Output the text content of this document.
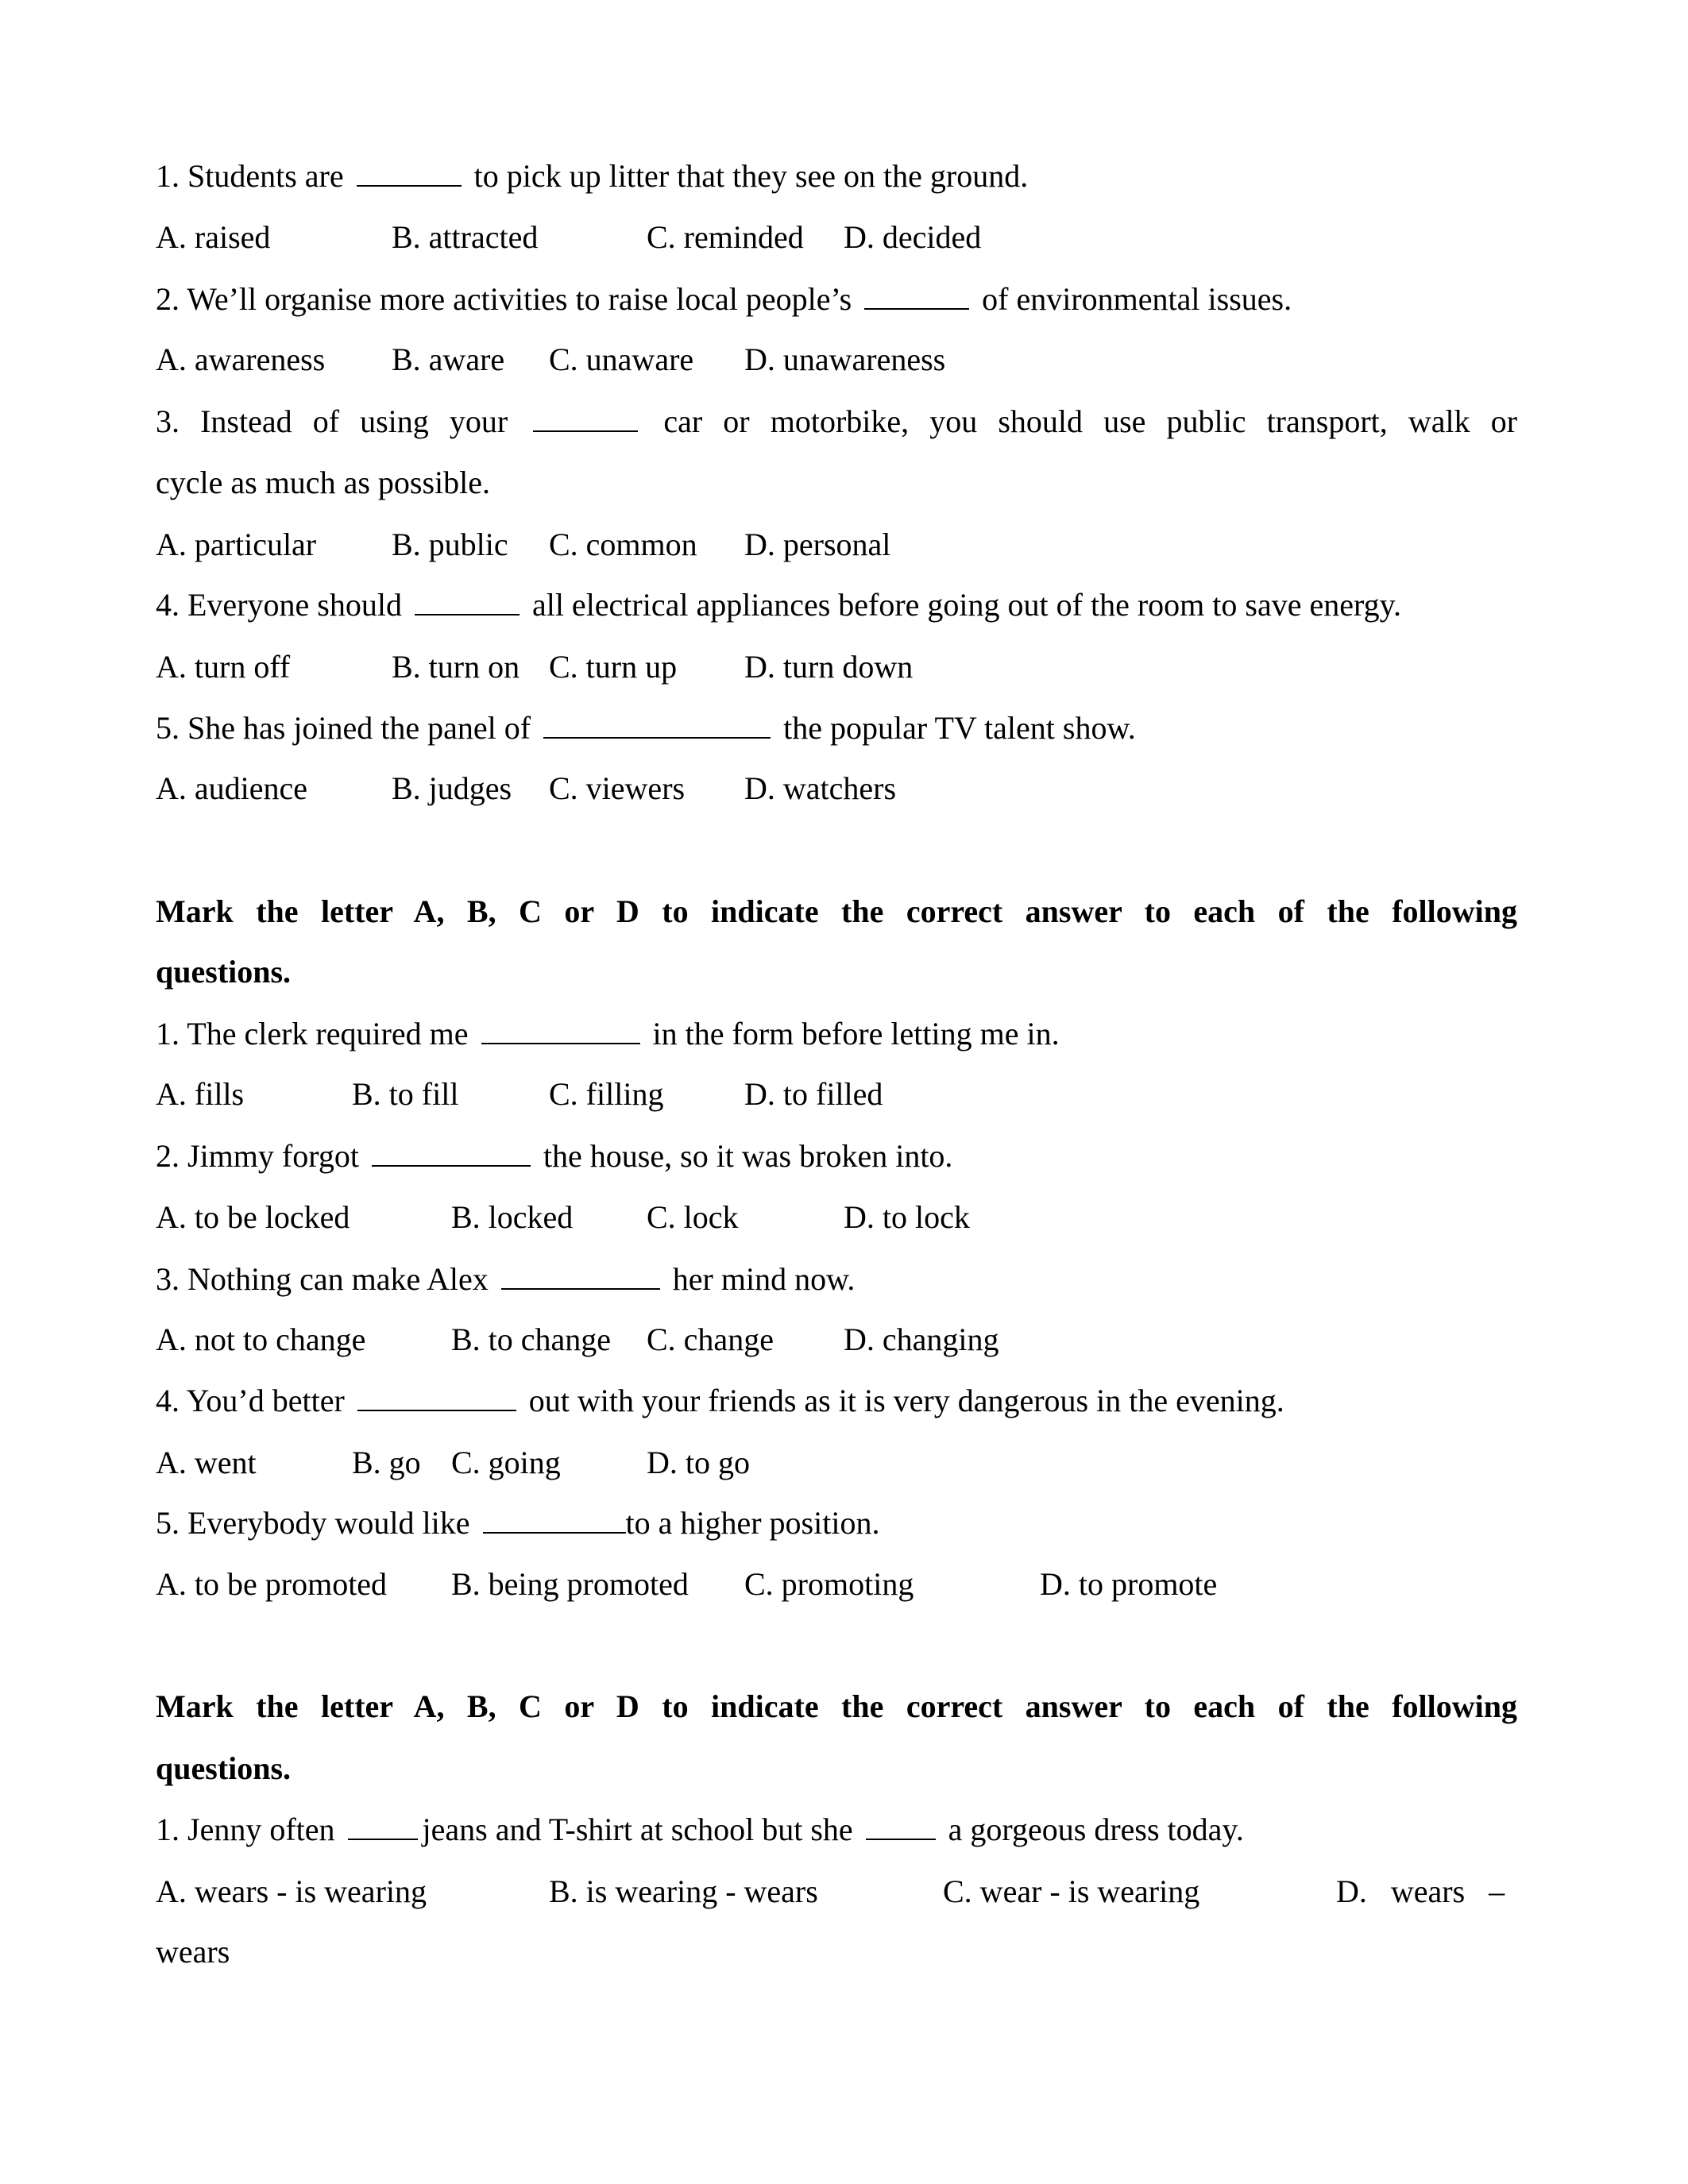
1. Students are	to pick up litter that they see on the ground.
A. raised	B. attracted	C. reminded D. decided
2. We’ll organise more activities to raise local people’s	of environmental issues.
A. awareness B. aware C. unaware D. unawareness
3. Instead of using your	car or motorbike, you should use public transport, walk or
cycle as much as possible.
A. particular B. public C. common D. personal
4. Everyone should	all electrical appliances before going out of the room to save energy.
A. turn off	B. turn on C. turn up D. turn down
5. She has joined the panel of	the popular TV talent show.
A. audience	B. judges C. viewers D. watchers
Mark the letter A, B, C or D to indicate the correct answer to each of the following
questions.
1. The clerk required me	in the form before letting me in.
A. fills	B. to fill	C. filling	D. to filled
2. Jimmy forgot	the house, so it was broken into.
A. to be locked	B. locked C. lock	D. to lock
3. Nothing can make Alex	her mind now.
A. not to change	B. to change C. change D. changing
4. You’d better	out with your friends as it is very dangerous in the evening.
A. went	B. go C. going	D. to go
5. Everybody would like	to a higher position.
A. to be promoted B. being promoted C. promoting	D. to promote
Mark the letter A, B, C or D to indicate the correct answer to each of the following
questions.
1. Jenny often	jeans and T-shirt at school but she	a gorgeous dress today.
A. wears - is wearing	B. is wearing - wears	C. wear - is wearing	D.   wears   –
wears
